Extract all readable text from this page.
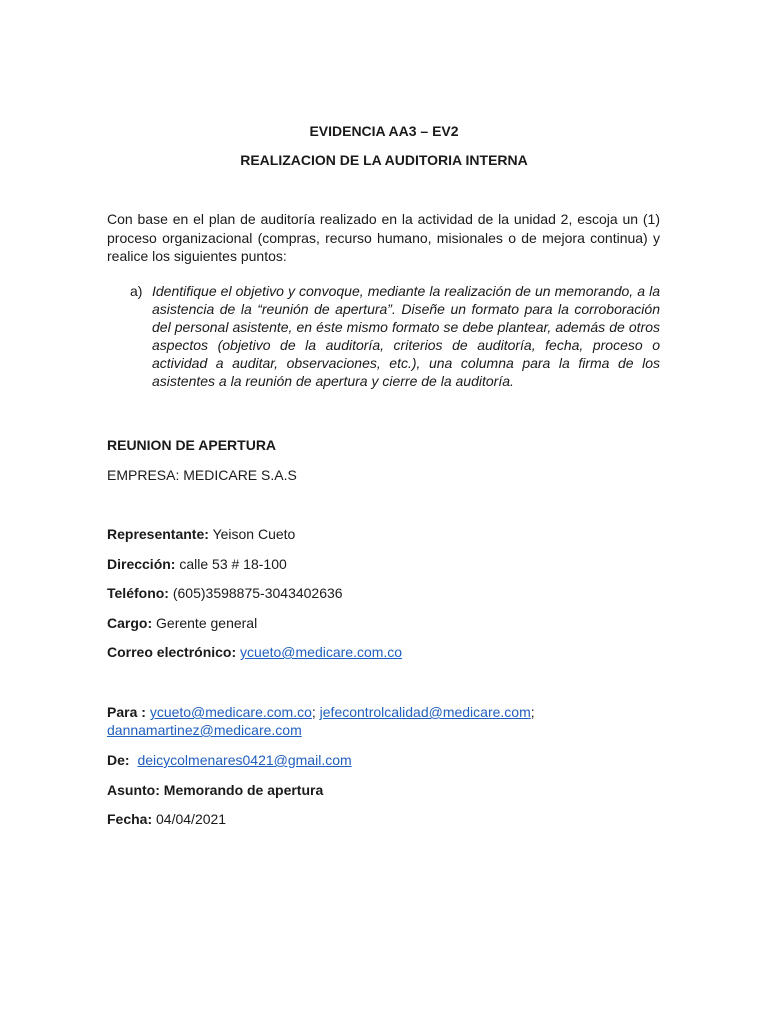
EVIDENCIA AA3 – EV2
REALIZACION DE LA AUDITORIA INTERNA
Con base en el plan de auditoría realizado en la actividad de la unidad 2, escoja un (1) proceso organizacional (compras, recurso humano, misionales o de mejora continua) y realice los siguientes puntos:
a) Identifique el objetivo y convoque, mediante la realización de un memorando, a la asistencia de la “reunión de apertura”. Diseñe un formato para la corroboración del personal asistente, en éste mismo formato se debe plantear, además de otros aspectos (objetivo de la auditoría, criterios de auditoría, fecha, proceso o actividad a auditar, observaciones, etc.), una columna para la firma de los asistentes a la reunión de apertura y cierre de la auditoría.
REUNION DE APERTURA
EMPRESA: MEDICARE S.A.S
Representante: Yeison Cueto
Dirección: calle 53 # 18-100
Teléfono: (605)3598875-3043402636
Cargo: Gerente general
Correo electrónico: ycueto@medicare.com.co
Para : ycueto@medicare.com.co; jefecontrolcalidad@medicare.com;
dannamartinez@medicare.com
De: deicycolmenares0421@gmail.com
Asunto: Memorando de apertura
Fecha: 04/04/2021
